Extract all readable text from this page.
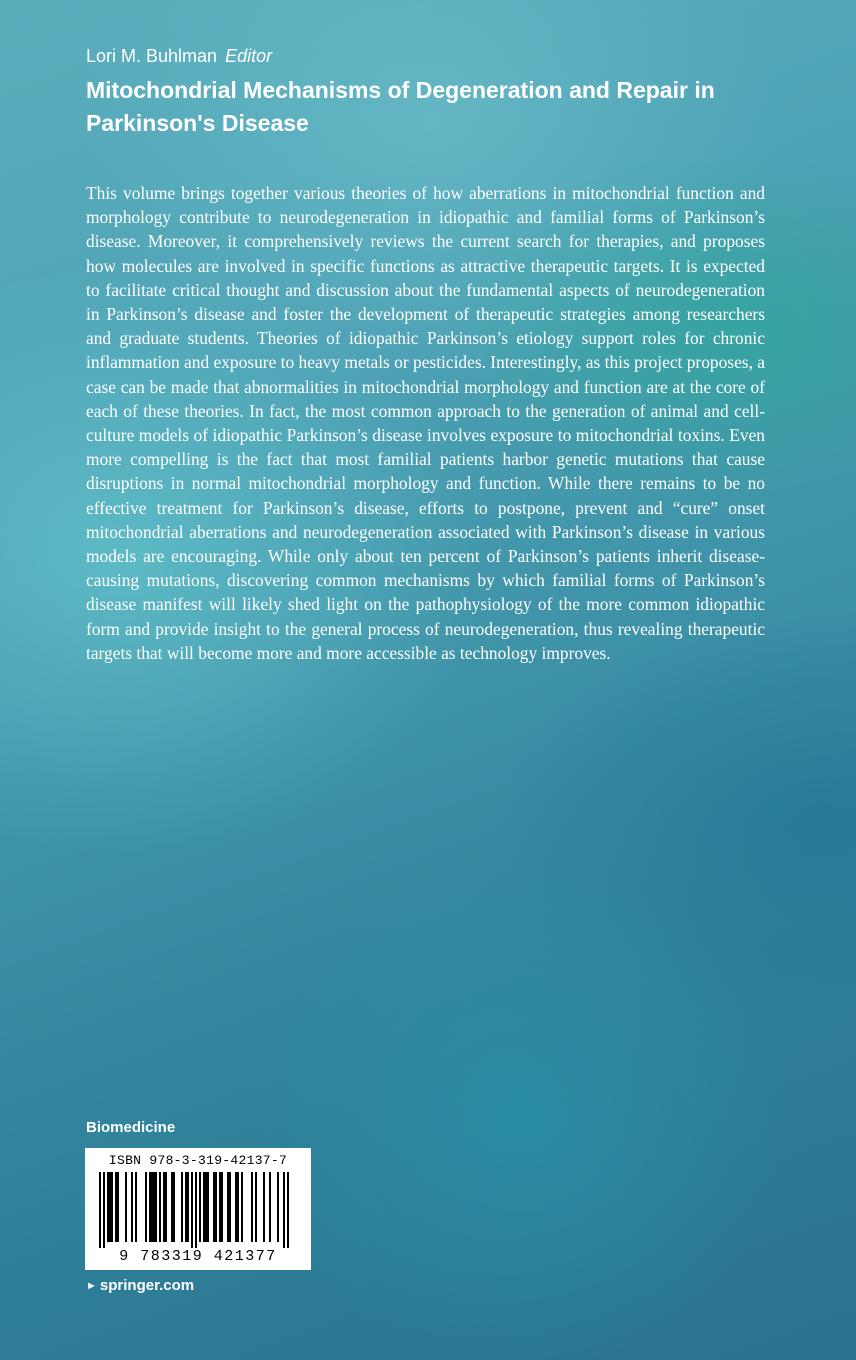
Lori M. Buhlman Editor
Mitochondrial Mechanisms of Degeneration and Repair in Parkinson's Disease

This volume brings together various theories of how aberrations in mitochondrial function and morphology contribute to neurodegeneration in idiopathic and familial forms of Parkinson’s disease. Moreover, it comprehensively reviews the current search for therapies, and proposes how molecules are involved in specific functions as attractive therapeutic targets. It is expected to facilitate critical thought and discussion about the fundamental aspects of neurodegeneration in Parkinson’s disease and foster the development of therapeutic strategies among researchers and graduate students. Theories of idiopathic Parkinson’s etiology support roles for chronic inflammation and exposure to heavy metals or pesticides. Interestingly, as this project proposes, a case can be made that abnormalities in mitochondrial morphology and function are at the core of each of these theories. In fact, the most common approach to the generation of animal and cell-culture models of idiopathic Parkinson’s disease involves exposure to mitochondrial toxins. Even more compelling is the fact that most familial patients harbor genetic mutations that cause disruptions in normal mitochondrial morphology and function. While there remains to be no effective treatment for Parkinson’s disease, efforts to postpone, prevent and “cure” onset mitochondrial aberrations and neurodegeneration associated with Parkinson’s disease in various models are encouraging. While only about ten percent of Parkinson’s patients inherit disease-causing mutations, discovering common mechanisms by which familial forms of Parkinson’s disease manifest will likely shed light on the pathophysiology of the more common idiopathic form and provide insight to the general process of neurodegeneration, thus revealing therapeutic targets that will become more and more accessible as technology improves.

Biomedicine
ISBN 978-3-319-42137-7
9 783319 421377
► springer.com
